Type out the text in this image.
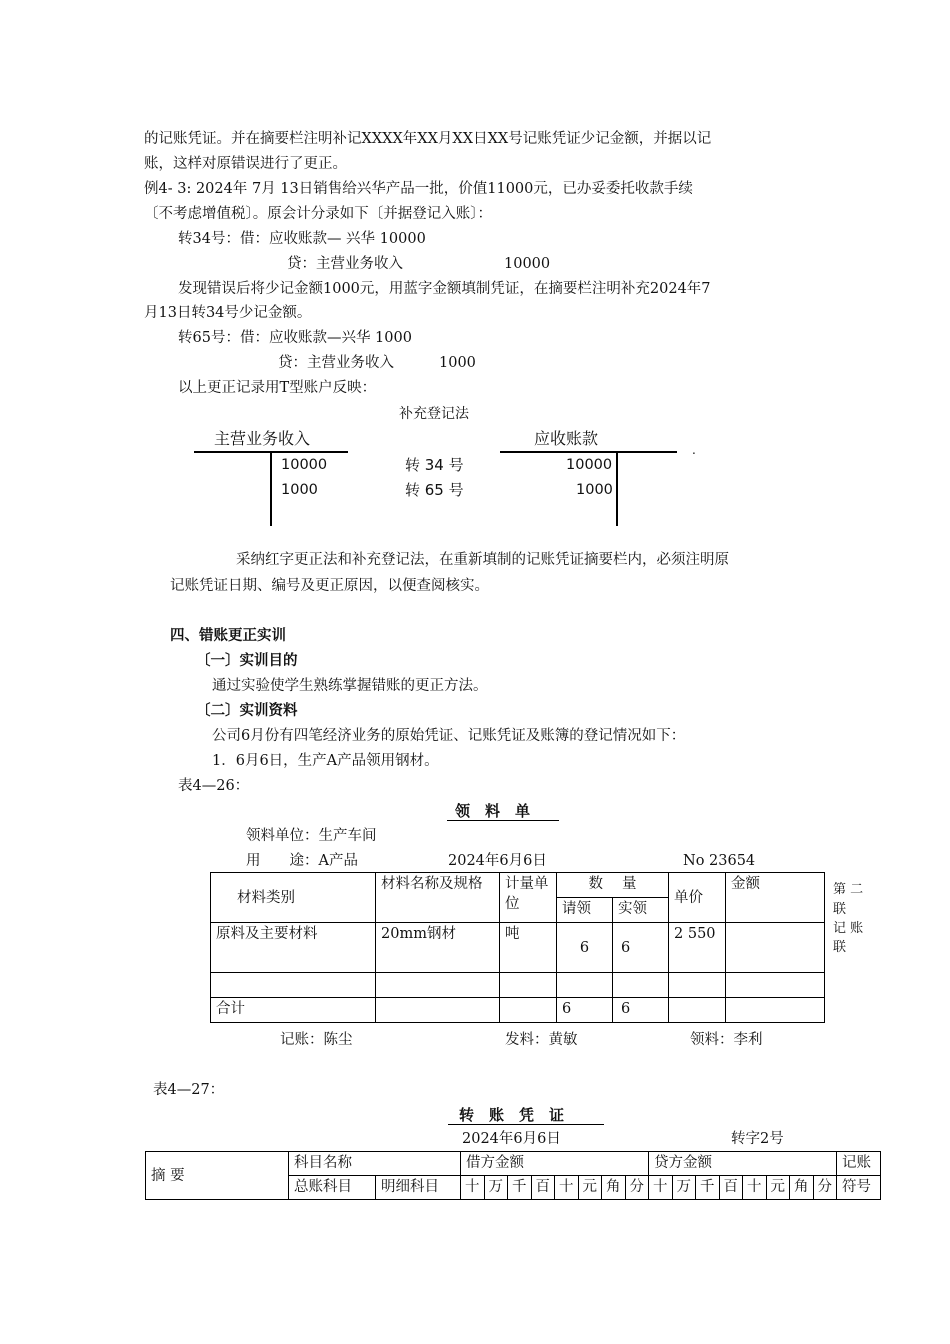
的记账凭证。并在摘要栏注明补记XXXX年XX月XX日XX号记账凭证少记金额，并据以记
账，这样对原错误进行了更正。
例4- 3: 2024年 7月 13日销售给兴华产品一批，价值11000元，已办妥委托收款手续
〔不考虑增值税〕。原会计分录如下〔并据登记入账〕：
转34号：借：应收账款— 兴华 10000
贷：主营业务收入	10000
发现错误后将少记金额1000元，用蓝字金额填制凭证，在摘要栏注明补充2024年7
月13日转34号少记金额。
转65号：借：应收账款—兴华 1000
贷：主营业务收入	1000
以上更正记录用T型账户反映：
补充登记法
主营业务收入	应收账款
.
10000
1000
转 34 号
转 65 号
10000
1000
采纳红字更正法和补充登记法，在重新填制的记账凭证摘要栏内，必须注明原
记账凭证日期、编号及更正原因，以便查阅核实。
四、错账更正实训
〔一〕实训目的
通过实验使学生熟练掌握错账的更正方法。
〔二〕实训资料
公司6月份有四笔经济业务的原始凭证、记账凭证及账簿的登记情况如下：
1．6月6日，生产A产品领用钢材。
表4—26：
领　料　单
领料单位：生产车间
用　　途：A产品	2024年6月6日	No 23654
材料类别	材料名称及规格	计量单位	数　 量		单价	金额
			请领	实领		
原料及主要材料	20mm钢材	吨	6	6	2 550	

合计			6	6		
第 二
联
记 账
联
记账：陈尘	发料：黄敏	领料：李利
表4—27：
转　账　凭　证
2024年6月6日	转字2号
摘 要	科目名称		借方金额								贷方金额								记账
	总账科目	明细科目	十	万	千	百	十	元	角	分	十	万	千	百	十	元	角	分	符号
